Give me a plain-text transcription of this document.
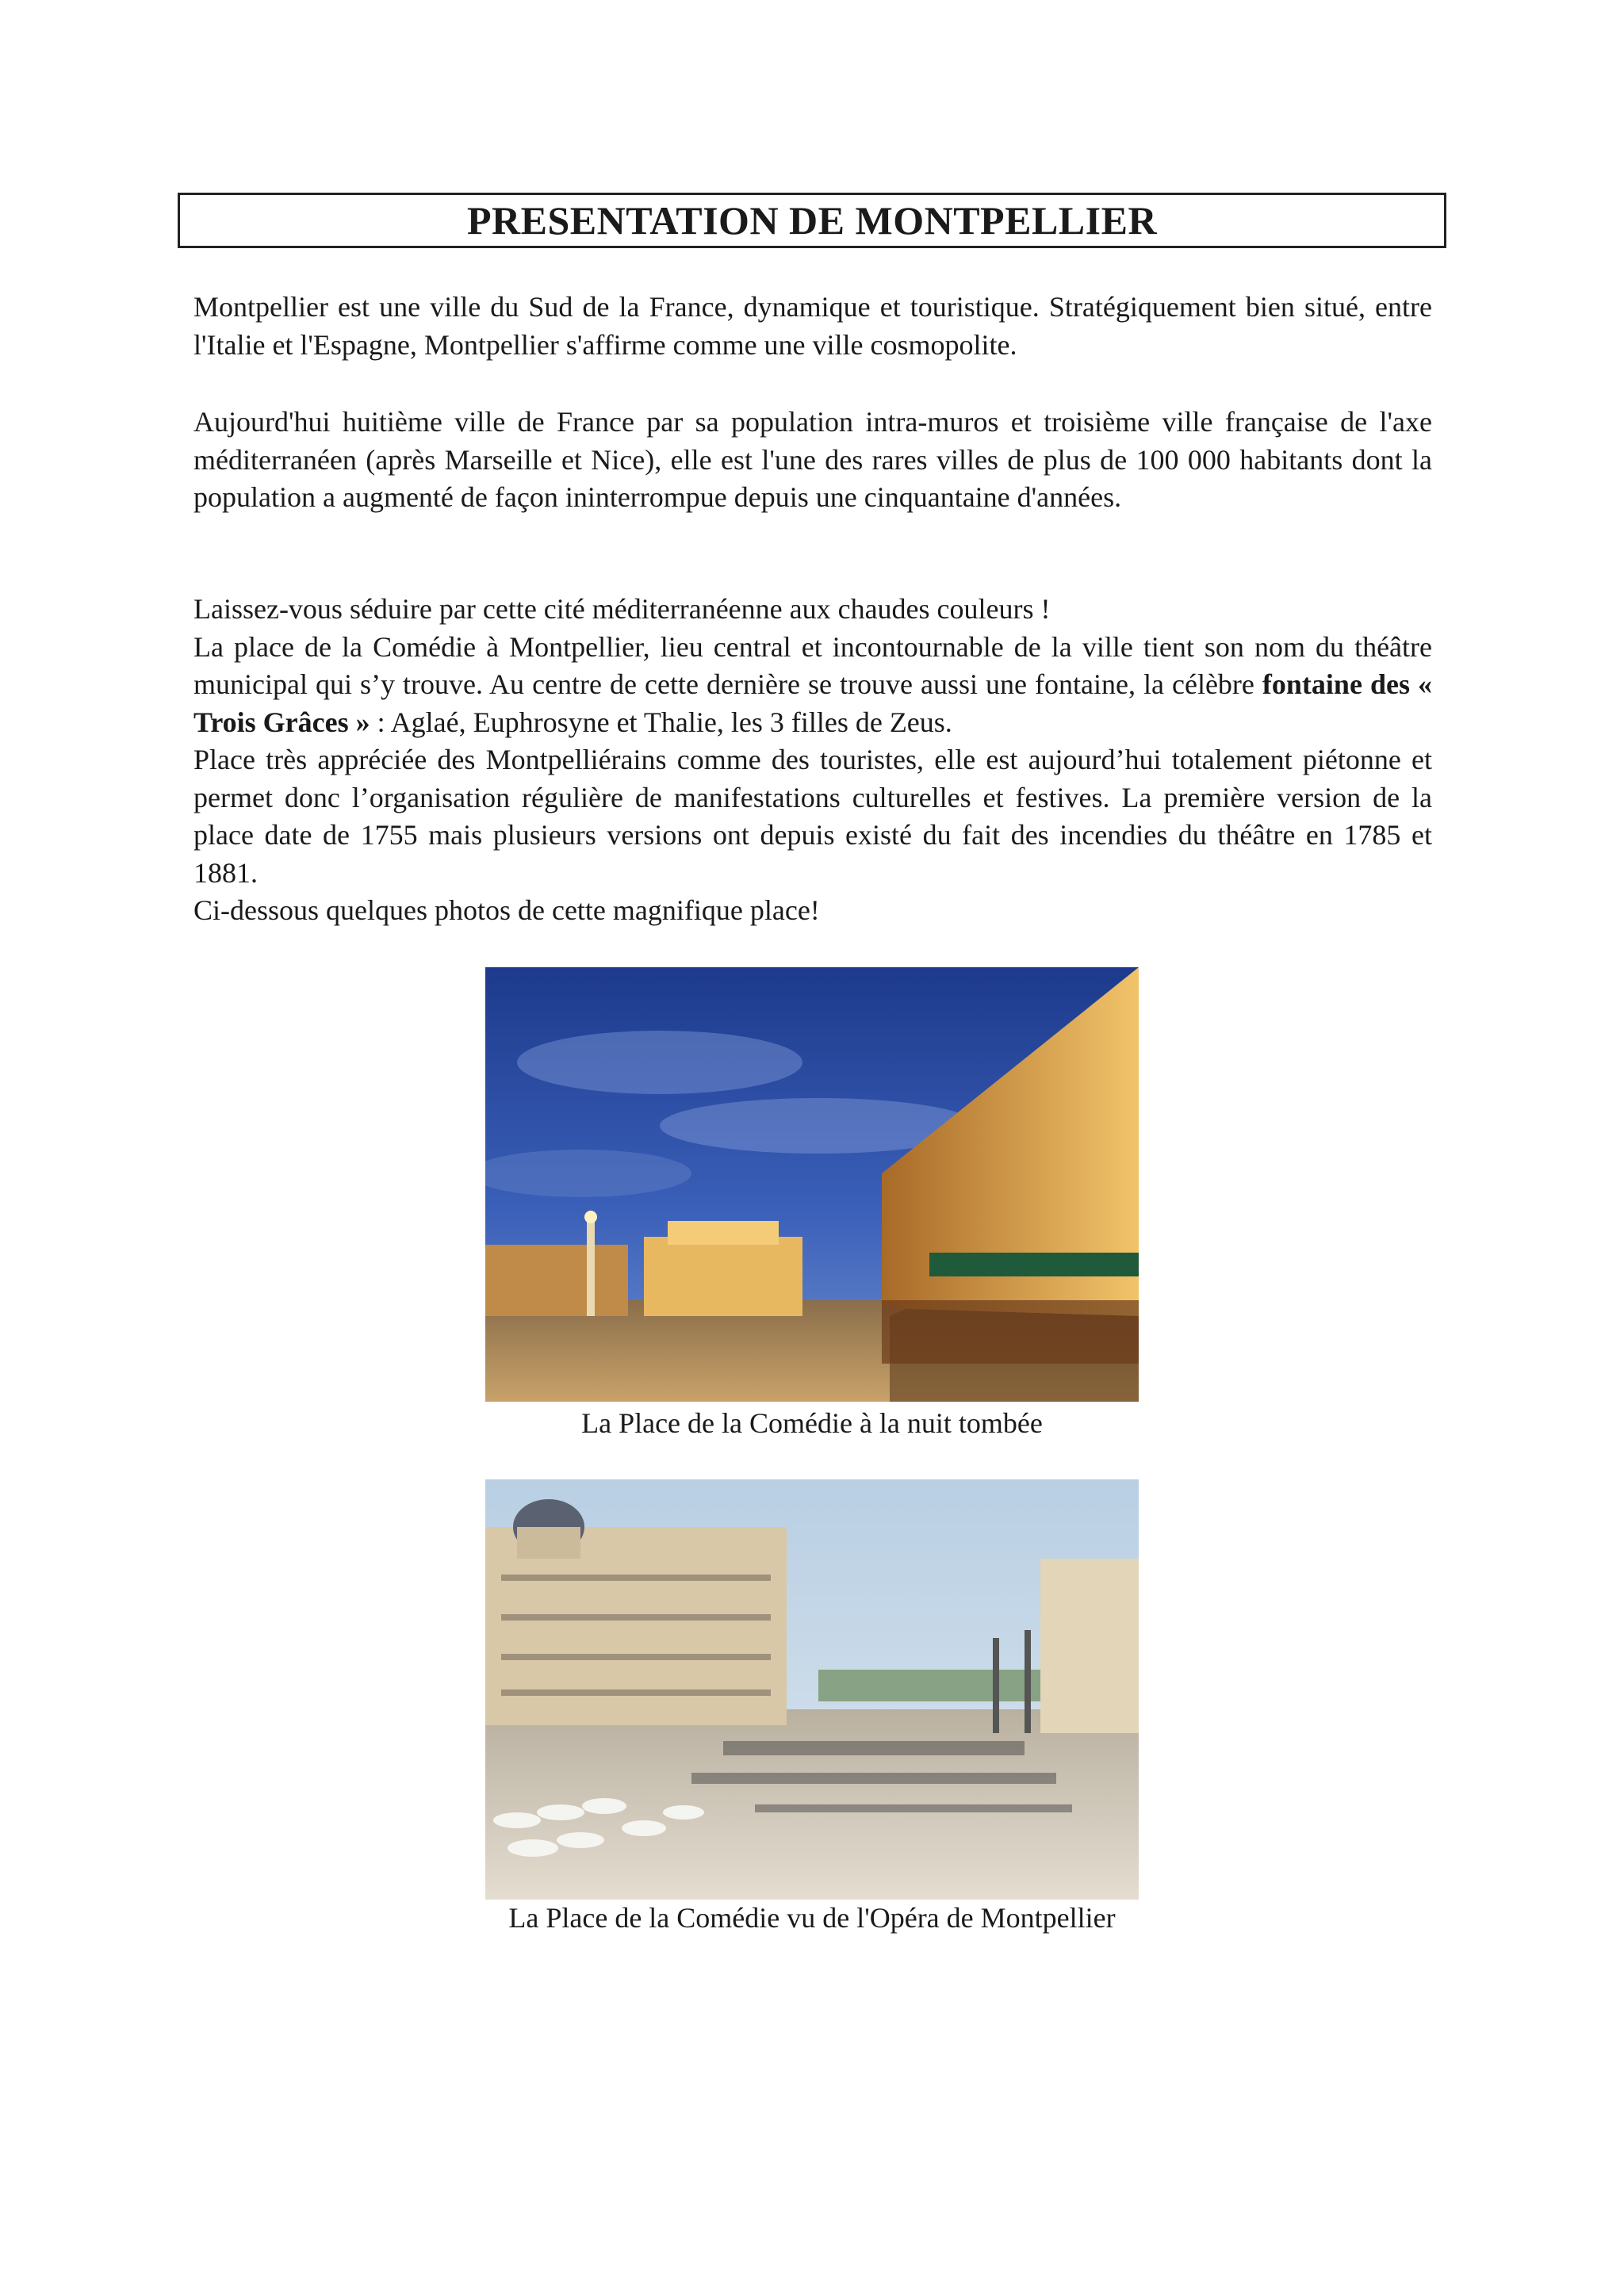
PRESENTATION DE MONTPELLIER

Montpellier est une ville du Sud de la France, dynamique et touristique. Stratégiquement bien situé, entre l'Italie et l'Espagne, Montpellier s'affirme comme une ville cosmopolite.

Aujourd'hui huitième ville de France par sa population intra-muros et troisième ville française de l'axe méditerranéen (après Marseille et Nice), elle est l'une des rares villes de plus de 100 000 habitants dont la population a augmenté de façon ininterrompue depuis une cinquantaine d'années.

Laissez-vous séduire par cette cité méditerranéenne aux chaudes couleurs !

La place de la Comédie à Montpellier, lieu central et incontournable de la ville tient son nom du théâtre municipal qui s’y trouve. Au centre de cette dernière se trouve aussi une fontaine, la célèbre fontaine des « Trois Grâces » : Aglaé, Euphrosyne et Thalie, les 3 filles de Zeus.

Place très appréciée des Montpelliérains comme des touristes, elle est aujourd’hui totalement piétonne et permet donc l’organisation régulière de manifestations culturelles et festives. La première version de la place date de 1755 mais plusieurs versions ont depuis existé du fait des incendies du théâtre en 1785 et 1881.

Ci-dessous quelques photos de cette magnifique place!

La Place de la Comédie à la nuit tombée
La Place de la Comédie vu de l'Opéra de Montpellier
